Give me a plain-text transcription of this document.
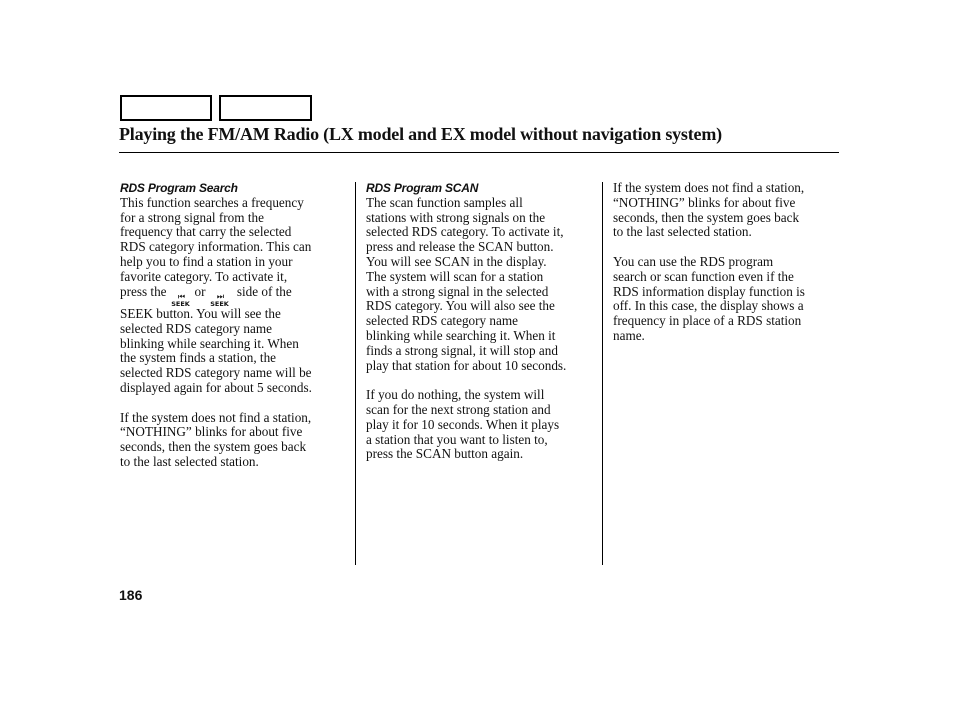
Playing the FM/AM Radio (LX model and EX model without navigation system)
RDS Program Search

This function searches a frequency
for a strong signal from the
frequency that carry the selected
RDS category information. This can
help you to find a station in your
favorite category. To activate it,
press the ⏮
SEEK
or ⏭
SEEK
side of the
SEEK button. You will see the
selected RDS category name
blinking while searching it. When
the system finds a station, the
selected RDS category name will be
displayed again for about 5 seconds.

If the system does not find a station,
“NOTHING” blinks for about five
seconds, then the system goes back
to the last selected station.

RDS Program SCAN

The scan function samples all
stations with strong signals on the
selected RDS category. To activate it,
press and release the SCAN button.
You will see SCAN in the display.
The system will scan for a station
with a strong signal in the selected
RDS category. You will also see the
selected RDS category name
blinking while searching it. When it
finds a strong signal, it will stop and
play that station for about 10 seconds.

If you do nothing, the system will
scan for the next strong station and
play it for 10 seconds. When it plays
a station that you want to listen to,
press the SCAN button again.

If the system does not find a station,
“NOTHING” blinks for about five
seconds, then the system goes back
to the last selected station.

You can use the RDS program
search or scan function even if the
RDS information display function is
off. In this case, the display shows a
frequency in place of a RDS station
name.

186
